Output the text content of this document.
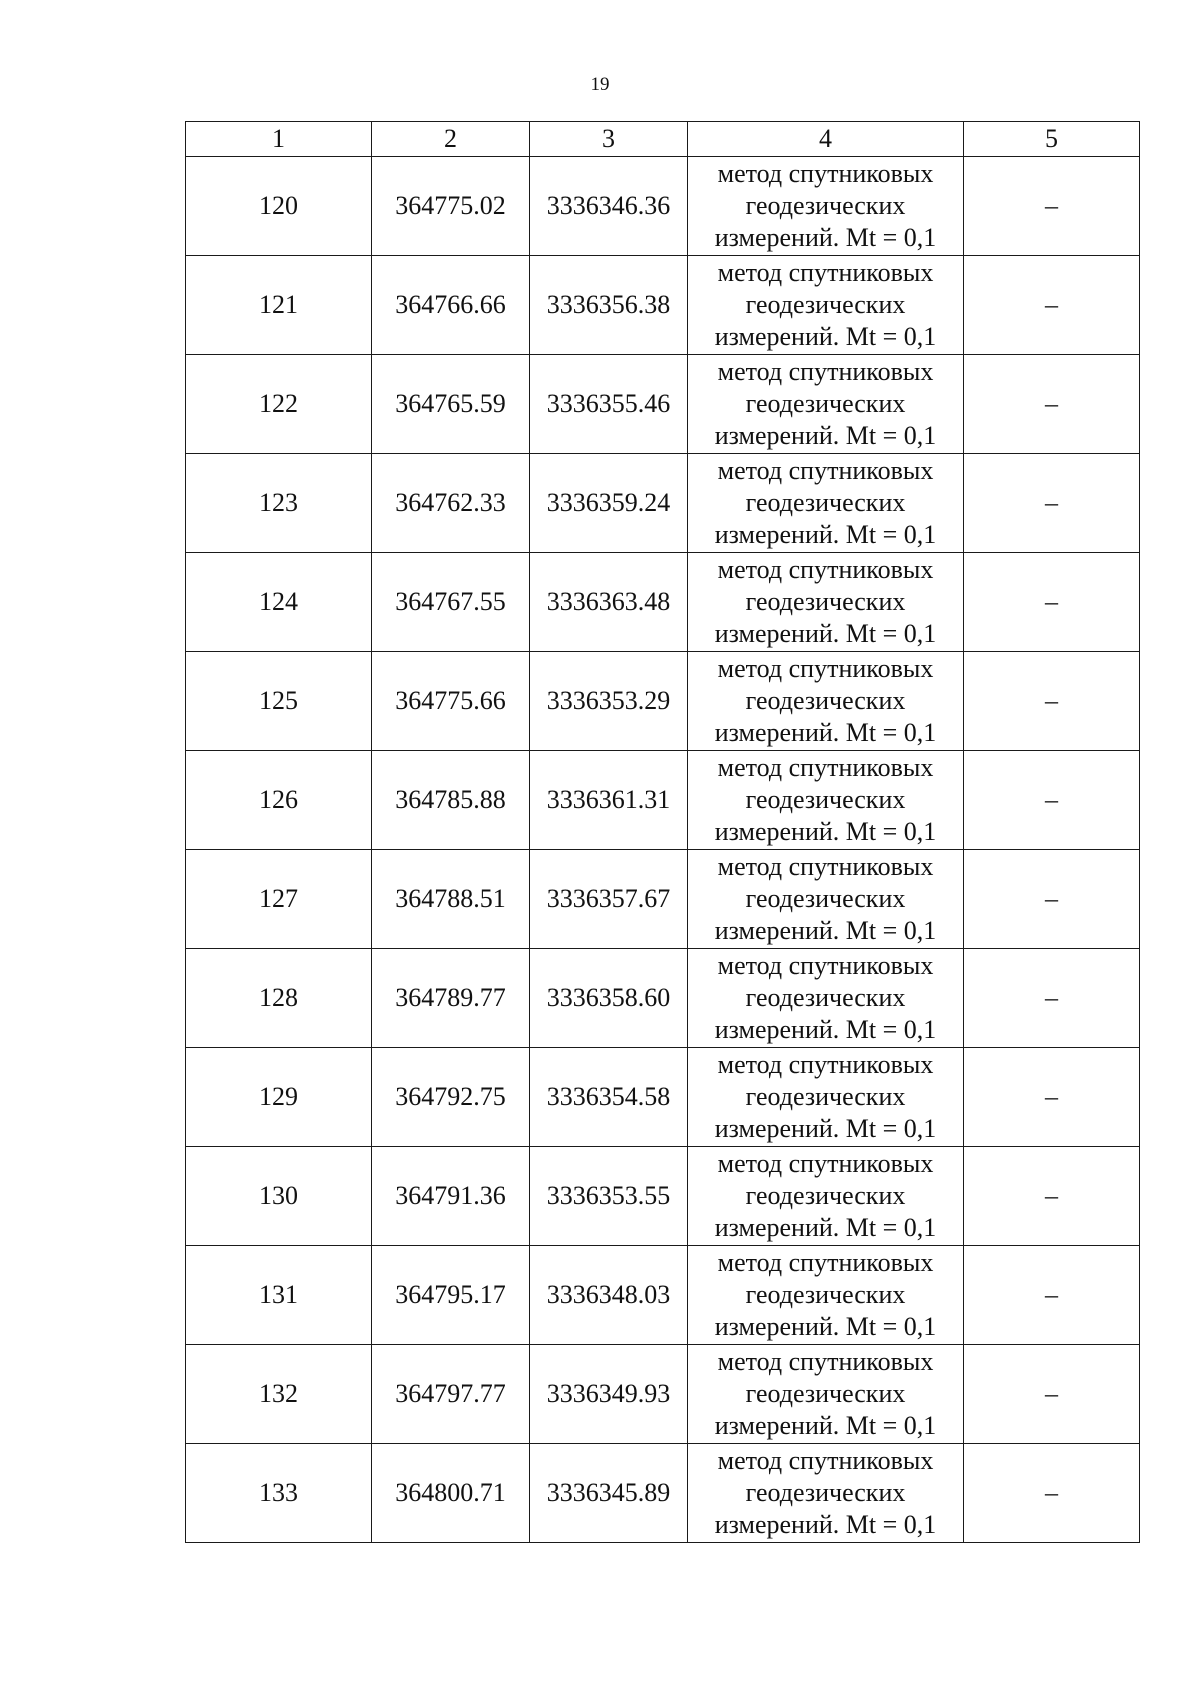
19
1	2	3	4	5
120	364775.02	3336346.36	метод спутниковых
геодезических
измерений. Mt = 0,1	–
121	364766.66	3336356.38	метод спутниковых
геодезических
измерений. Mt = 0,1	–
122	364765.59	3336355.46	метод спутниковых
геодезических
измерений. Mt = 0,1	–
123	364762.33	3336359.24	метод спутниковых
геодезических
измерений. Mt = 0,1	–
124	364767.55	3336363.48	метод спутниковых
геодезических
измерений. Mt = 0,1	–
125	364775.66	3336353.29	метод спутниковых
геодезических
измерений. Mt = 0,1	–
126	364785.88	3336361.31	метод спутниковых
геодезических
измерений. Mt = 0,1	–
127	364788.51	3336357.67	метод спутниковых
геодезических
измерений. Mt = 0,1	–
128	364789.77	3336358.60	метод спутниковых
геодезических
измерений. Mt = 0,1	–
129	364792.75	3336354.58	метод спутниковых
геодезических
измерений. Mt = 0,1	–
130	364791.36	3336353.55	метод спутниковых
геодезических
измерений. Mt = 0,1	–
131	364795.17	3336348.03	метод спутниковых
геодезических
измерений. Mt = 0,1	–
132	364797.77	3336349.93	метод спутниковых
геодезических
измерений. Mt = 0,1	–
133	364800.71	3336345.89	метод спутниковых
геодезических
измерений. Mt = 0,1	–
